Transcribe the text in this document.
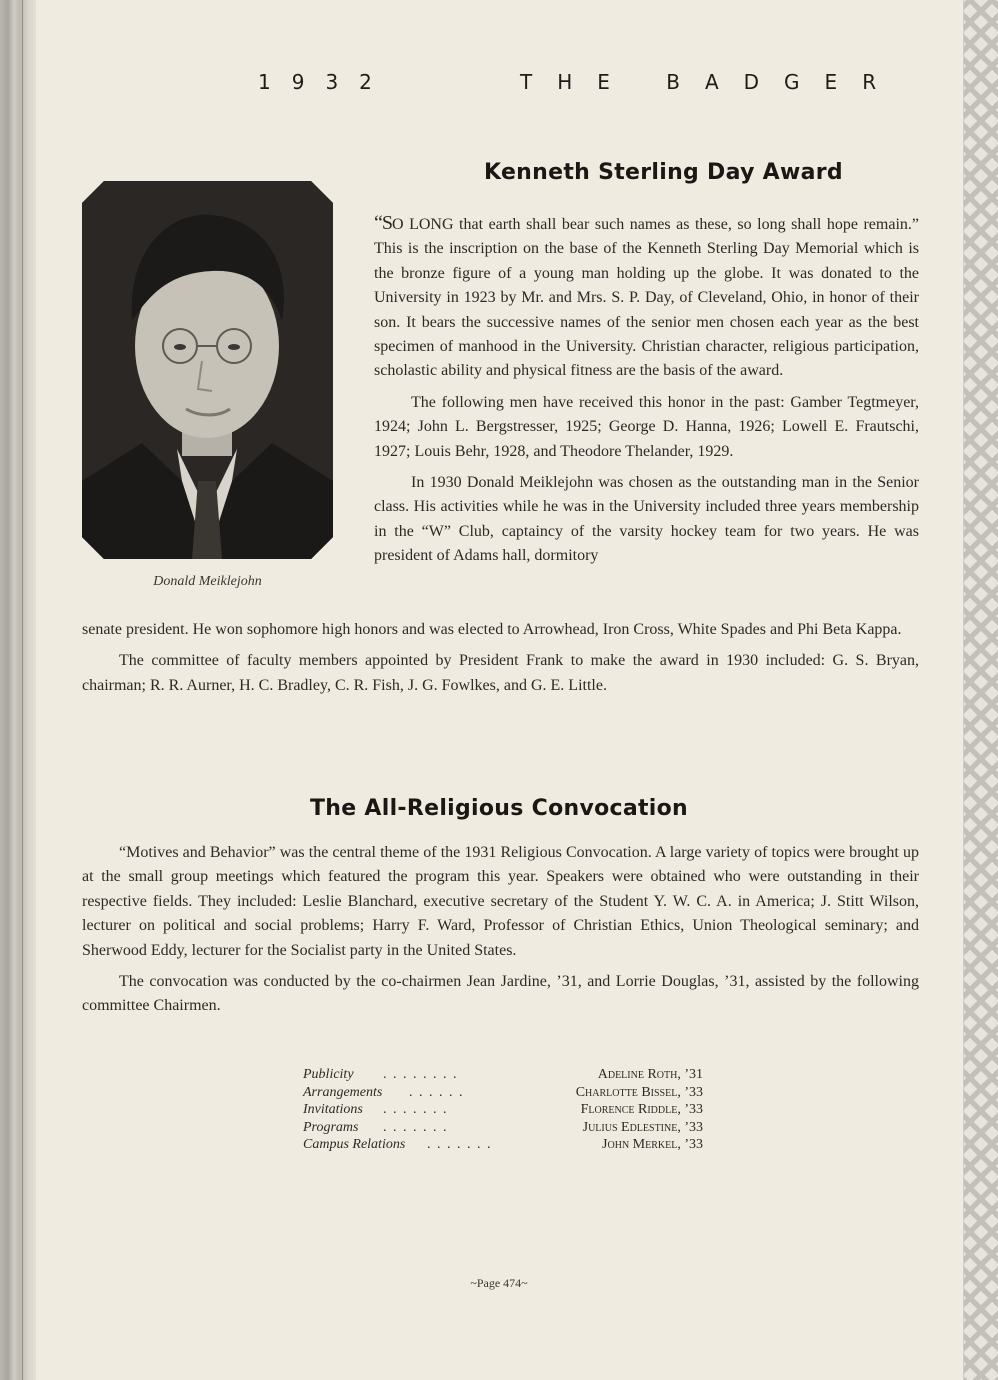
1932	THE BADGER
Kenneth Sterling Day Award
Donald Meiklejohn

“SO LONG that earth shall bear such names as these, so long shall hope remain.” This is the inscription on the base of the Kenneth Sterling Day Memorial which is the bronze figure of a young man holding up the globe. It was donated to the University in 1923 by Mr. and Mrs. S. P. Day, of Cleveland, Ohio, in honor of their son. It bears the successive names of the senior men chosen each year as the best specimen of manhood in the University. Christian character, religious participation, scholastic ability and physical fitness are the basis of the award.

The following men have received this honor in the past: Gamber Tegtmeyer, 1924; John L. Bergstresser, 1925; George D. Hanna, 1926; Lowell E. Frautschi, 1927; Louis Behr, 1928, and Theodore Thelander, 1929.

In 1930 Donald Meiklejohn was chosen as the outstanding man in the Senior class. His activities while he was in the University included three years membership in the “W” Club, captaincy of the varsity hockey team for two years. He was president of Adams hall, dormitory

senate president. He won sophomore high honors and was elected to Arrowhead, Iron Cross, White Spades and Phi Beta Kappa.

The committee of faculty members appointed by President Frank to make the award in 1930 included: G. S. Bryan, chairman; R. R. Aurner, H. C. Bradley, C. R. Fish, J. G. Fowlkes, and G. E. Little.

The All-Religious Convocation

“Motives and Behavior” was the central theme of the 1931 Religious Convocation. A large variety of topics were brought up at the small group meetings which featured the program this year. Speakers were obtained who were outstanding in their respective fields. They included: Leslie Blanchard, executive secretary of the Student Y. W. C. A. in America; J. Stitt Wilson, lecturer on political and social problems; Harry F. Ward, Professor of Christian Ethics, Union Theological seminary; and Sherwood Eddy, lecturer for the Socialist party in the United States.

The convocation was conducted by the co-chairmen Jean Jardine, ’31, and Lorrie Douglas, ’31, assisted by the following committee Chairmen.

Publicity ........	Adeline Roth, ’31
Arrangements ......	Charlotte Bissel, ’33
Invitations .......	Florence Riddle, ’33
Programs .......	Julius Edlestine, ’33
Campus Relations .......	John Merkel, ’33
~Page 474~
